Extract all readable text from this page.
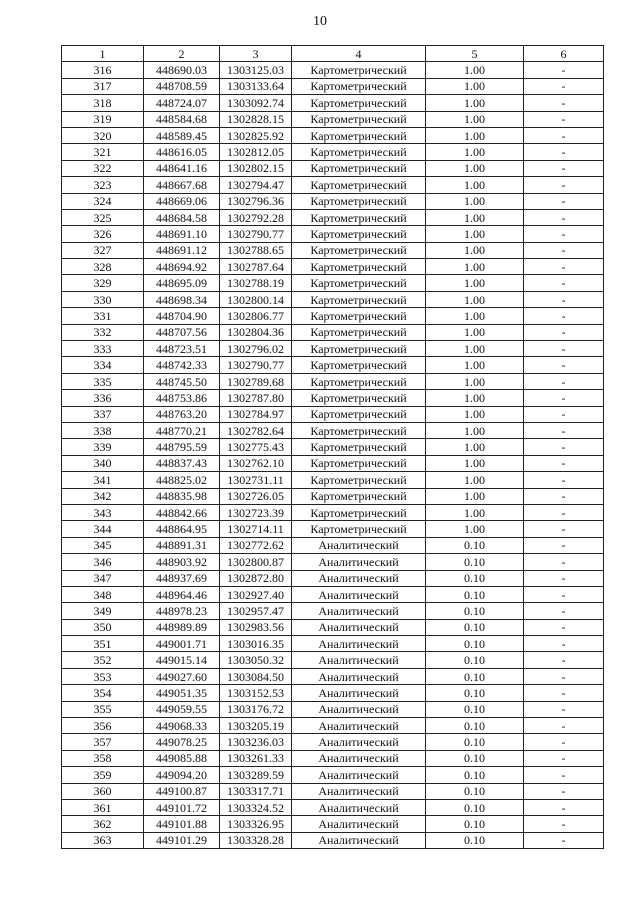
10
1	2	3	4	5	6
316	448690.03	1303125.03	Картометрический	1.00	-
317	448708.59	1303133.64	Картометрический	1.00	-
318	448724.07	1303092.74	Картометрический	1.00	-
319	448584.68	1302828.15	Картометрический	1.00	-
320	448589.45	1302825.92	Картометрический	1.00	-
321	448616.05	1302812.05	Картометрический	1.00	-
322	448641.16	1302802.15	Картометрический	1.00	-
323	448667.68	1302794.47	Картометрический	1.00	-
324	448669.06	1302796.36	Картометрический	1.00	-
325	448684.58	1302792.28	Картометрический	1.00	-
326	448691.10	1302790.77	Картометрический	1.00	-
327	448691.12	1302788.65	Картометрический	1.00	-
328	448694.92	1302787.64	Картометрический	1.00	-
329	448695.09	1302788.19	Картометрический	1.00	-
330	448698.34	1302800.14	Картометрический	1.00	-
331	448704.90	1302806.77	Картометрический	1.00	-
332	448707.56	1302804.36	Картометрический	1.00	-
333	448723.51	1302796.02	Картометрический	1.00	-
334	448742.33	1302790.77	Картометрический	1.00	-
335	448745.50	1302789.68	Картометрический	1.00	-
336	448753.86	1302787.80	Картометрический	1.00	-
337	448763.20	1302784.97	Картометрический	1.00	-
338	448770.21	1302782.64	Картометрический	1.00	-
339	448795.59	1302775.43	Картометрический	1.00	-
340	448837.43	1302762.10	Картометрический	1.00	-
341	448825.02	1302731.11	Картометрический	1.00	-
342	448835.98	1302726.05	Картометрический	1.00	-
343	448842.66	1302723.39	Картометрический	1.00	-
344	448864.95	1302714.11	Картометрический	1.00	-
345	448891.31	1302772.62	Аналитический	0.10	-
346	448903.92	1302800.87	Аналитический	0.10	-
347	448937.69	1302872.80	Аналитический	0.10	-
348	448964.46	1302927.40	Аналитический	0.10	-
349	448978.23	1302957.47	Аналитический	0.10	-
350	448989.89	1302983.56	Аналитический	0.10	-
351	449001.71	1303016.35	Аналитический	0.10	-
352	449015.14	1303050.32	Аналитический	0.10	-
353	449027.60	1303084.50	Аналитический	0.10	-
354	449051.35	1303152.53	Аналитический	0.10	-
355	449059.55	1303176.72	Аналитический	0.10	-
356	449068.33	1303205.19	Аналитический	0.10	-
357	449078.25	1303236.03	Аналитический	0.10	-
358	449085.88	1303261.33	Аналитический	0.10	-
359	449094.20	1303289.59	Аналитический	0.10	-
360	449100.87	1303317.71	Аналитический	0.10	-
361	449101.72	1303324.52	Аналитический	0.10	-
362	449101.88	1303326.95	Аналитический	0.10	-
363	449101.29	1303328.28	Аналитический	0.10	-
